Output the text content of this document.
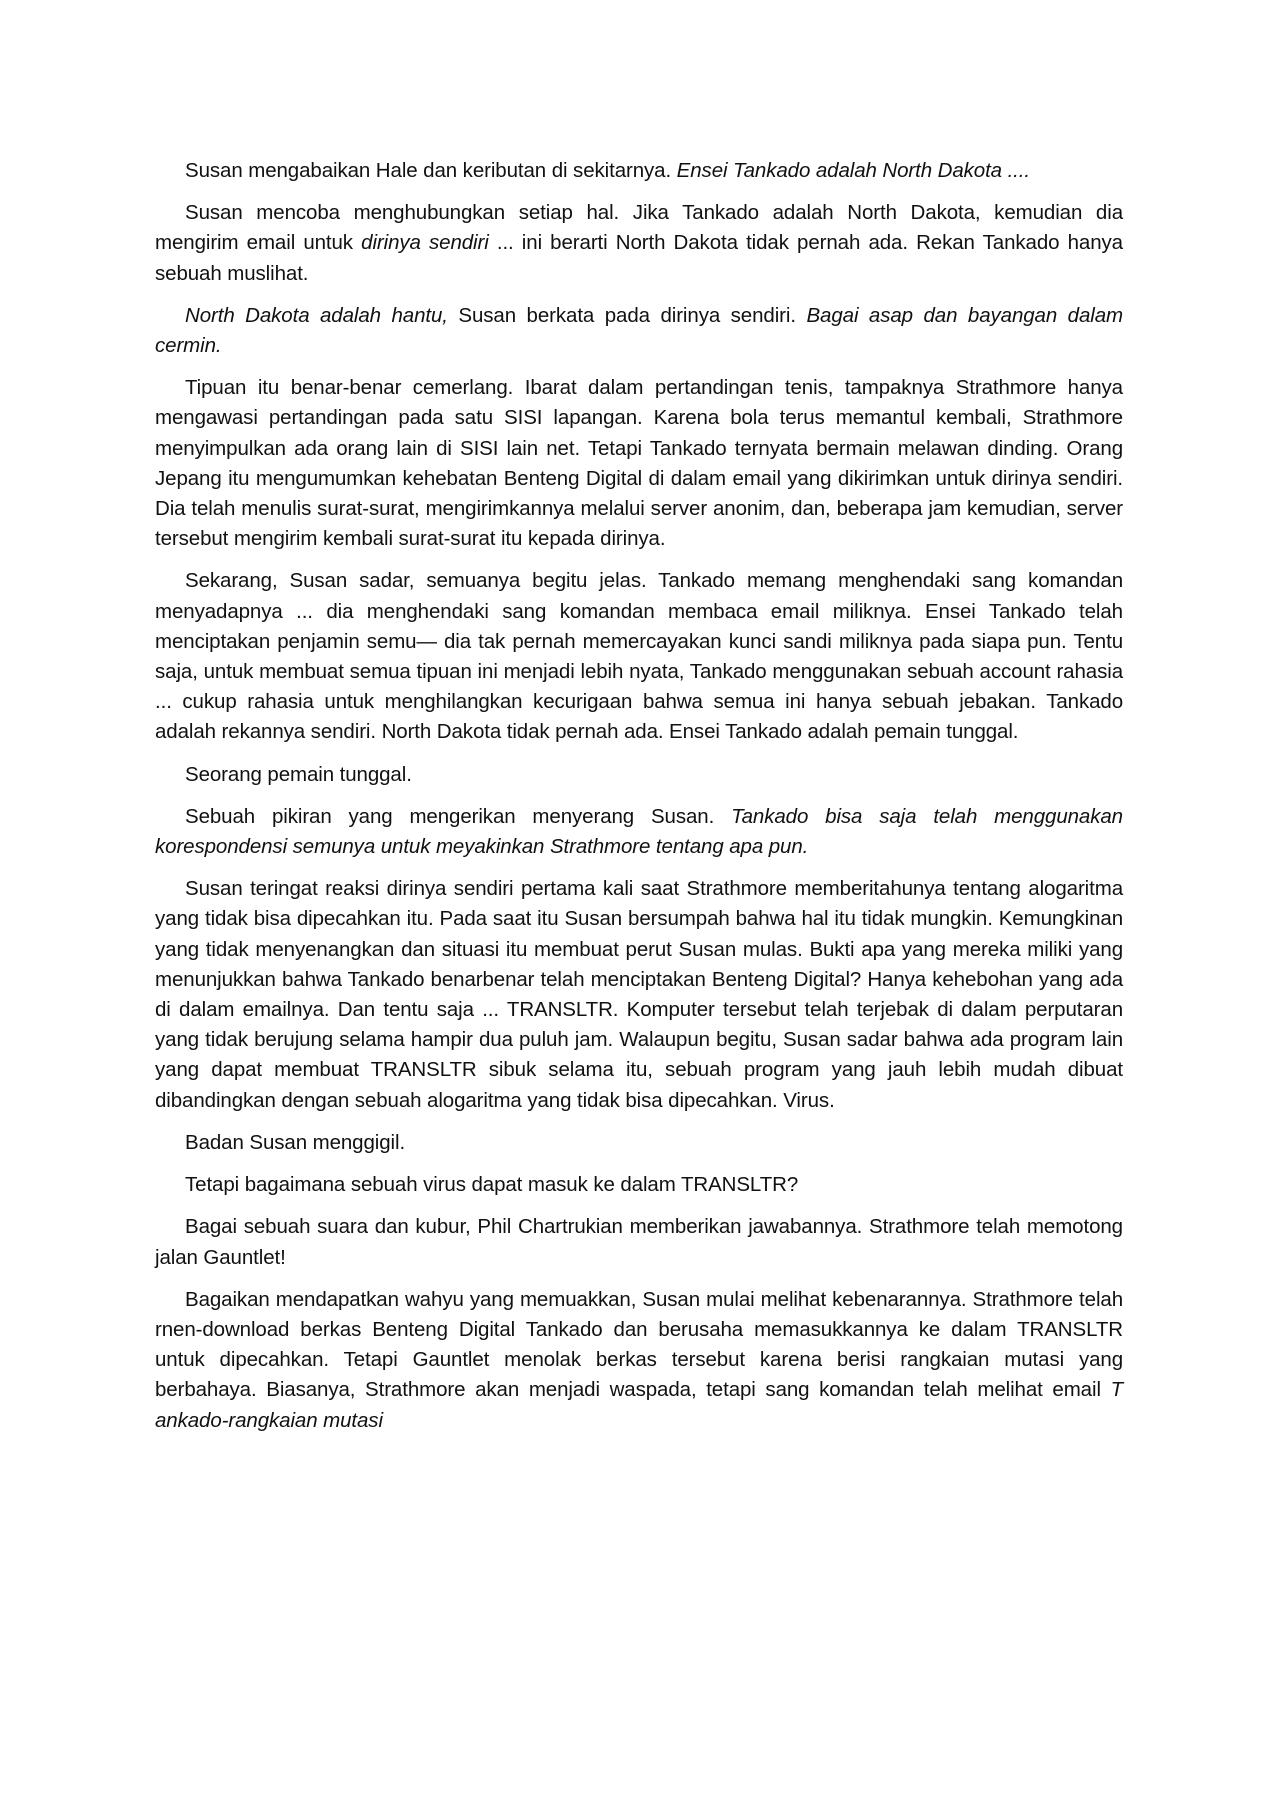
Susan mengabaikan Hale dan keributan di sekitarnya. Ensei Tankado adalah North Dakota ....

Susan mencoba menghubungkan setiap hal. Jika Tankado adalah North Dakota, kemudian dia mengirim email untuk dirinya sendiri ... ini berarti North Dakota tidak pernah ada. Rekan Tankado hanya sebuah muslihat.

North Dakota adalah hantu, Susan berkata pada dirinya sendiri. Bagai asap dan bayangan dalam cermin.

Tipuan itu benar-benar cemerlang. Ibarat dalam pertandingan tenis, tampaknya Strathmore hanya mengawasi pertandingan pada satu SISI lapangan. Karena bola terus memantul kembali, Strathmore menyimpulkan ada orang lain di SISI lain net. Tetapi Tankado ternyata bermain melawan dinding. Orang Jepang itu mengumumkan kehebatan Benteng Digital di dalam email yang dikirimkan untuk dirinya sendiri. Dia telah menulis surat-surat, mengirimkannya melalui server anonim, dan, beberapa jam kemudian, server tersebut mengirim kembali surat-surat itu kepada dirinya.

Sekarang, Susan sadar, semuanya begitu jelas. Tankado memang menghendaki sang komandan menyadapnya ... dia menghendaki sang komandan membaca email miliknya. Ensei Tankado telah menciptakan penjamin semu— dia tak pernah memercayakan kunci sandi miliknya pada siapa pun. Tentu saja, untuk membuat semua tipuan ini menjadi lebih nyata, Tankado menggunakan sebuah account rahasia ... cukup rahasia untuk menghilangkan kecurigaan bahwa semua ini hanya sebuah jebakan. Tankado adalah rekannya sendiri. North Dakota tidak pernah ada. Ensei Tankado adalah pemain tunggal.

Seorang pemain tunggal.

Sebuah pikiran yang mengerikan menyerang Susan. Tankado bisa saja telah menggunakan korespondensi semunya untuk meyakinkan Strathmore tentang apa pun.

Susan teringat reaksi dirinya sendiri pertama kali saat Strathmore memberitahunya tentang alogaritma yang tidak bisa dipecahkan itu. Pada saat itu Susan bersumpah bahwa hal itu tidak mungkin. Kemungkinan yang tidak menyenangkan dan situasi itu membuat perut Susan mulas. Bukti apa yang mereka miliki yang menunjukkan bahwa Tankado benarbenar telah menciptakan Benteng Digital? Hanya kehebohan yang ada di dalam emailnya. Dan tentu saja ... TRANSLTR. Komputer tersebut telah terjebak di dalam perputaran yang tidak berujung selama hampir dua puluh jam. Walaupun begitu, Susan sadar bahwa ada program lain yang dapat membuat TRANSLTR sibuk selama itu, sebuah program yang jauh lebih mudah dibuat dibandingkan dengan sebuah alogaritma yang tidak bisa dipecahkan. Virus.

Badan Susan menggigil.

Tetapi bagaimana sebuah virus dapat masuk ke dalam TRANSLTR?

Bagai sebuah suara dan kubur, Phil Chartrukian memberikan jawabannya. Strathmore telah memotong jalan Gauntlet!

Bagaikan mendapatkan wahyu yang memuakkan, Susan mulai melihat kebenarannya. Strathmore telah rnen-download berkas Benteng Digital Tankado dan berusaha memasukkannya ke dalam TRANSLTR untuk dipecahkan. Tetapi Gauntlet menolak berkas tersebut karena berisi rangkaian mutasi yang berbahaya. Biasanya, Strathmore akan menjadi waspada, tetapi sang komandan telah melihat email T ankado-rangkaian mutasi
